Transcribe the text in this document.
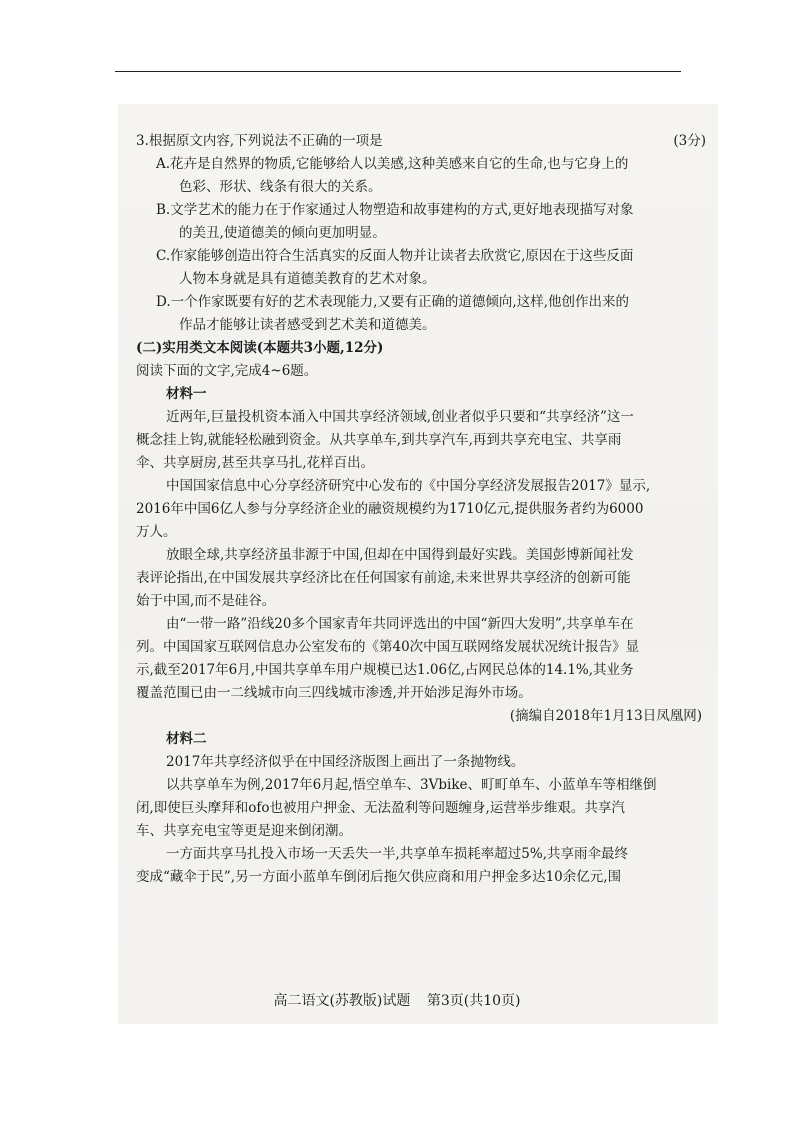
3.根据原文内容,下列说法不正确的一项是	(3分)
A.花卉是自然界的物质,它能够给人以美感,这种美感来自它的生命,也与它身上的
色彩、形状、线条有很大的关系。
B.文学艺术的能力在于作家通过人物塑造和故事建构的方式,更好地表现描写对象
的美丑,使道德美的倾向更加明显。
C.作家能够创造出符合生活真实的反面人物并让读者去欣赏它,原因在于这些反面
人物本身就是具有道德美教育的艺术对象。
D.一个作家既要有好的艺术表现能力,又要有正确的道德倾向,这样,他创作出来的
作品才能够让读者感受到艺术美和道德美。
(二)实用类文本阅读(本题共3小题,12分)
阅读下面的文字,完成4~6题。
材料一
近两年,巨量投机资本涌入中国共享经济领域,创业者似乎只要和“共享经济”这一
概念挂上钩,就能轻松融到资金。从共享单车,到共享汽车,再到共享充电宝、共享雨
伞、共享厨房,甚至共享马扎,花样百出。
中国国家信息中心分享经济研究中心发布的《中国分享经济发展报告2017》显示,
2016年中国6亿人参与分享经济企业的融资规模约为1710亿元,提供服务者约为6000
万人。
放眼全球,共享经济虽非源于中国,但却在中国得到最好实践。美国彭博新闻社发
表评论指出,在中国发展共享经济比在任何国家有前途,未来世界共享经济的创新可能
始于中国,而不是硅谷。
由“一带一路”沿线20多个国家青年共同评选出的中国“新四大发明”,共享单车在
列。中国国家互联网信息办公室发布的《第40次中国互联网络发展状况统计报告》显
示,截至2017年6月,中国共享单车用户规模已达1.06亿,占网民总体的14.1%,其业务
覆盖范围已由一二线城市向三四线城市渗透,并开始涉足海外市场。
(摘编自2018年1月13日凤凰网)
材料二
2017年共享经济似乎在中国经济版图上画出了一条抛物线。
以共享单车为例,2017年6月起,悟空单车、3Vbike、町町单车、小蓝单车等相继倒
闭,即使巨头摩拜和ofo也被用户押金、无法盈利等问题缠身,运营举步维艰。共享汽
车、共享充电宝等更是迎来倒闭潮。
一方面共享马扎投入市场一天丢失一半,共享单车损耗率超过5%,共享雨伞最终
变成“藏伞于民”,另一方面小蓝单车倒闭后拖欠供应商和用户押金多达10余亿元,围
高二语文(苏教版)试题 第3页(共10页)
